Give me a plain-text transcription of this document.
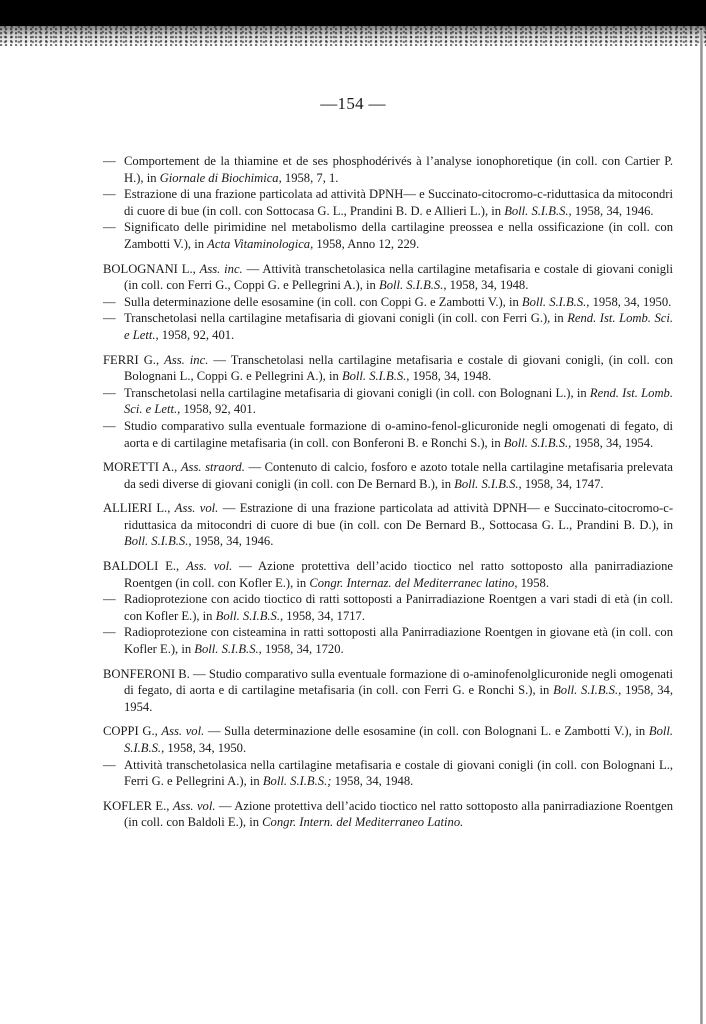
—154 —

— Comportement de la thiamine et de ses phosphodérivés à l’analyse ionophoretique (in coll. con Cartier P. H.), in Giornale di Biochimica, 1958, 7, 1.

— Estrazione di una frazione particolata ad attività DPNH— e Succinato-citocromo-c-riduttasica da mitocondri di cuore di bue (in coll. con Sottocasa G. L., Prandini B. D. e Allieri L.), in Boll. S.I.B.S., 1958, 34, 1946.

— Significato delle pirimidine nel metabolismo della cartilagine preossea e nella ossificazione (in coll. con Zambotti V.), in Acta Vitaminologica, 1958, Anno 12, 229.

BOLOGNANI L., Ass. inc. — Attività transchetolasica nella cartilagine metafisaria e costale di giovani conigli (in coll. con Ferri G., Coppi G. e Pellegrini A.), in Boll. S.I.B.S., 1958, 34, 1948.

— Sulla determinazione delle esosamine (in coll. con Coppi G. e Zambotti V.), in Boll. S.I.B.S., 1958, 34, 1950.

— Transchetolasi nella cartilagine metafisaria di giovani conigli (in coll. con Ferri G.), in Rend. Ist. Lomb. Sci. e Lett., 1958, 92, 401.

FERRI G., Ass. inc. — Transchetolasi nella cartilagine metafisaria e costale di giovani conigli, (in coll. con Bolognani L., Coppi G. e Pellegrini A.), in Boll. S.I.B.S., 1958, 34, 1948.

— Transchetolasi nella cartilagine metafisaria di giovani conigli (in coll. con Bolognani L.), in Rend. Ist. Lomb. Sci. e Lett., 1958, 92, 401.

— Studio comparativo sulla eventuale formazione di o-amino-fenol-glicuronide negli omogenati di fegato, di aorta e di cartilagine metafisaria (in coll. con Bonferoni B. e Ronchi S.), in Boll. S.I.B.S., 1958, 34, 1954.

MORETTI A., Ass. straord. — Contenuto di calcio, fosforo e azoto totale nella cartilagine metafisaria prelevata da sedi diverse di giovani conigli (in coll. con De Bernard B.), in Boll. S.I.B.S., 1958, 34, 1747.

ALLIERI L., Ass. vol. — Estrazione di una frazione particolata ad attività DPNH— e Succinato-citocromo-c-riduttasica da mitocondri di cuore di bue (in coll. con De Bernard B., Sottocasa G. L., Prandini B. D.), in Boll. S.I.B.S., 1958, 34, 1946.

BALDOLI E., Ass. vol. — Azione protettiva dell’acido tioctico nel ratto sottoposto alla panirradiazione Roentgen (in coll. con Kofler E.), in Congr. Internaz. del Mediterranec latino, 1958.

— Radioprotezione con acido tioctico di ratti sottoposti a Panirradiazione Roentgen a vari stadi di età (in coll. con Kofler E.), in Boll. S.I.B.S., 1958, 34, 1717.

— Radioprotezione con cisteamina in ratti sottoposti alla Panirradiazione Roentgen in giovane età (in coll. con Kofler E.), in Boll. S.I.B.S., 1958, 34, 1720.

BONFERONI B. — Studio comparativo sulla eventuale formazione di o-aminofenolglicuronide negli omogenati di fegato, di aorta e di cartilagine metafisaria (in coll. con Ferri G. e Ronchi S.), in Boll. S.I.B.S., 1958, 34, 1954.

COPPI G., Ass. vol. — Sulla determinazione delle esosamine (in coll. con Bolognani L. e Zambotti V.), in Boll. S.I.B.S., 1958, 34, 1950.

— Attività transchetolasica nella cartilagine metafisaria e costale di giovani conigli (in coll. con Bolognani L., Ferri G. e Pellegrini A.), in Boll. S.I.B.S.; 1958, 34, 1948.

KOFLER E., Ass. vol. — Azione protettiva dell’acido tioctico nel ratto sottoposto alla panirradiazione Roentgen (in coll. con Baldoli E.), in Congr. Intern. del Mediterraneo Latino.
